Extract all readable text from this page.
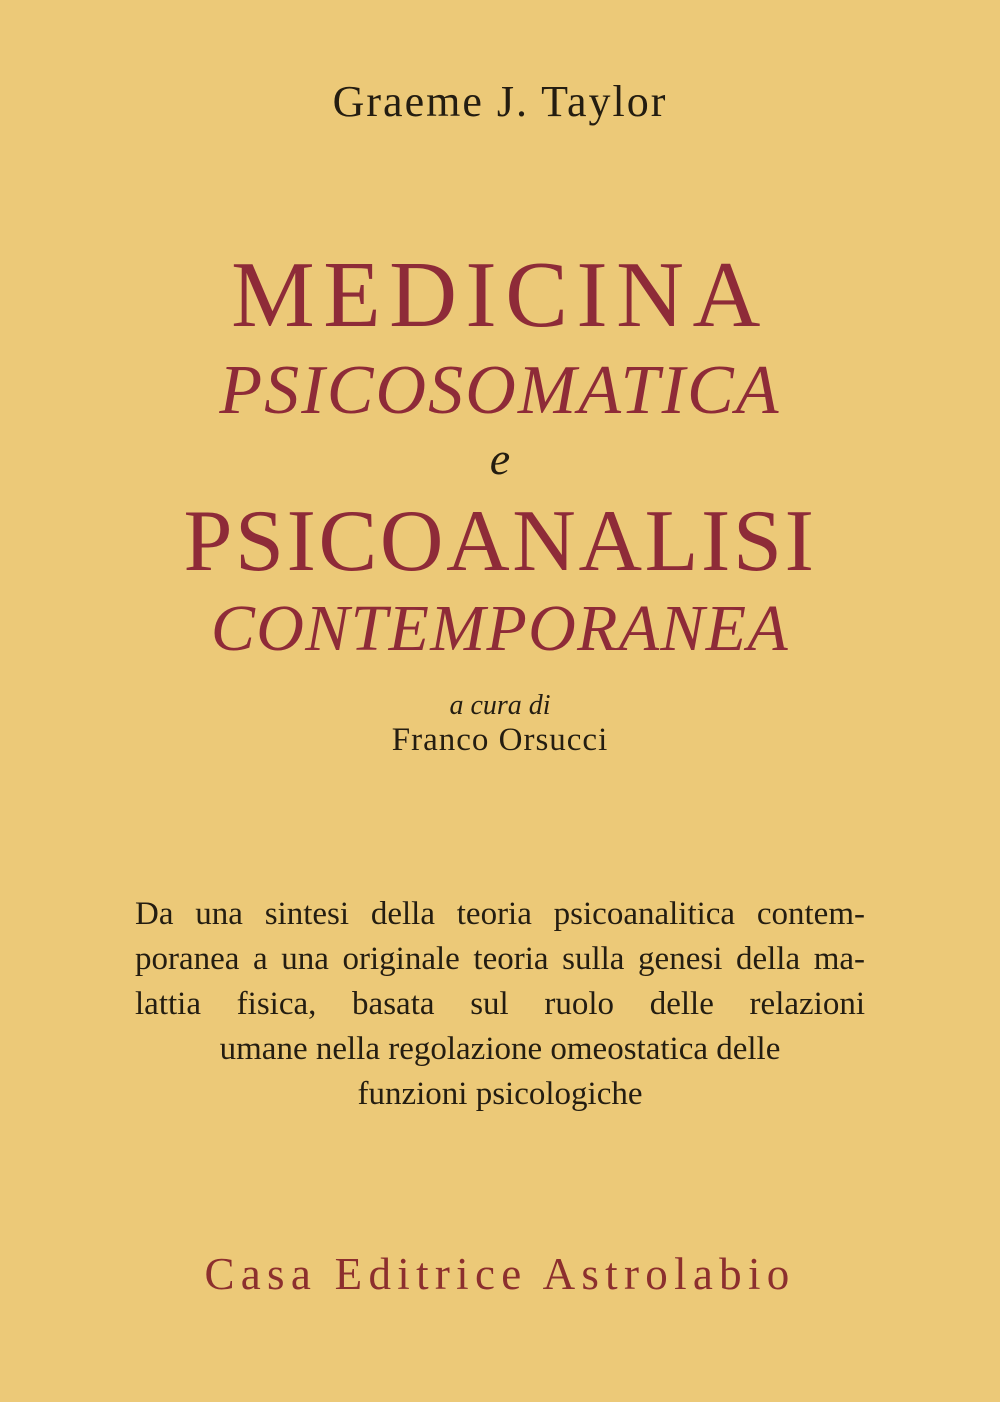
Graeme J. Taylor
MEDICINA
PSICOSOMATICA
e
PSICOANALISI
CONTEMPORANEA
a cura di
Franco Orsucci
Da una sintesi della teoria psicoanalitica contem-
poranea a una originale teoria sulla genesi della ma-
lattia fisica, basata sul ruolo delle relazioni
umane nella regolazione omeostatica delle
funzioni psicologiche
Casa Editrice Astrolabio
